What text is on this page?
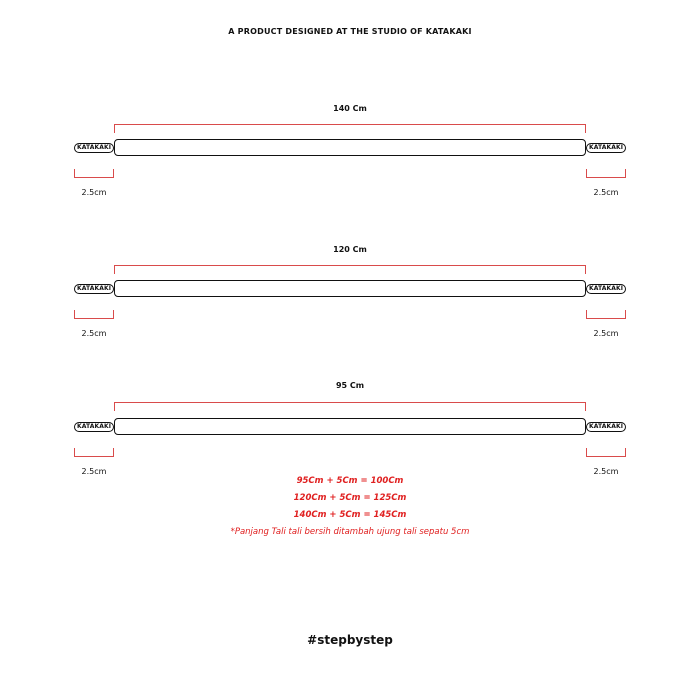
A PRODUCT DESIGNED AT THE STUDIO OF KATAKAKI
140 Cm
KATAKAKI	KATAKAKI
2.5cm	2.5cm
120 Cm
KATAKAKI	KATAKAKI
2.5cm	2.5cm
95 Cm
KATAKAKI	KATAKAKI
2.5cm	2.5cm
95Cm + 5Cm = 100Cm
120Cm + 5Cm = 125Cm
140Cm + 5Cm = 145Cm
*Panjang Tali tali bersih ditambah ujung tali sepatu 5cm
#stepbystep
